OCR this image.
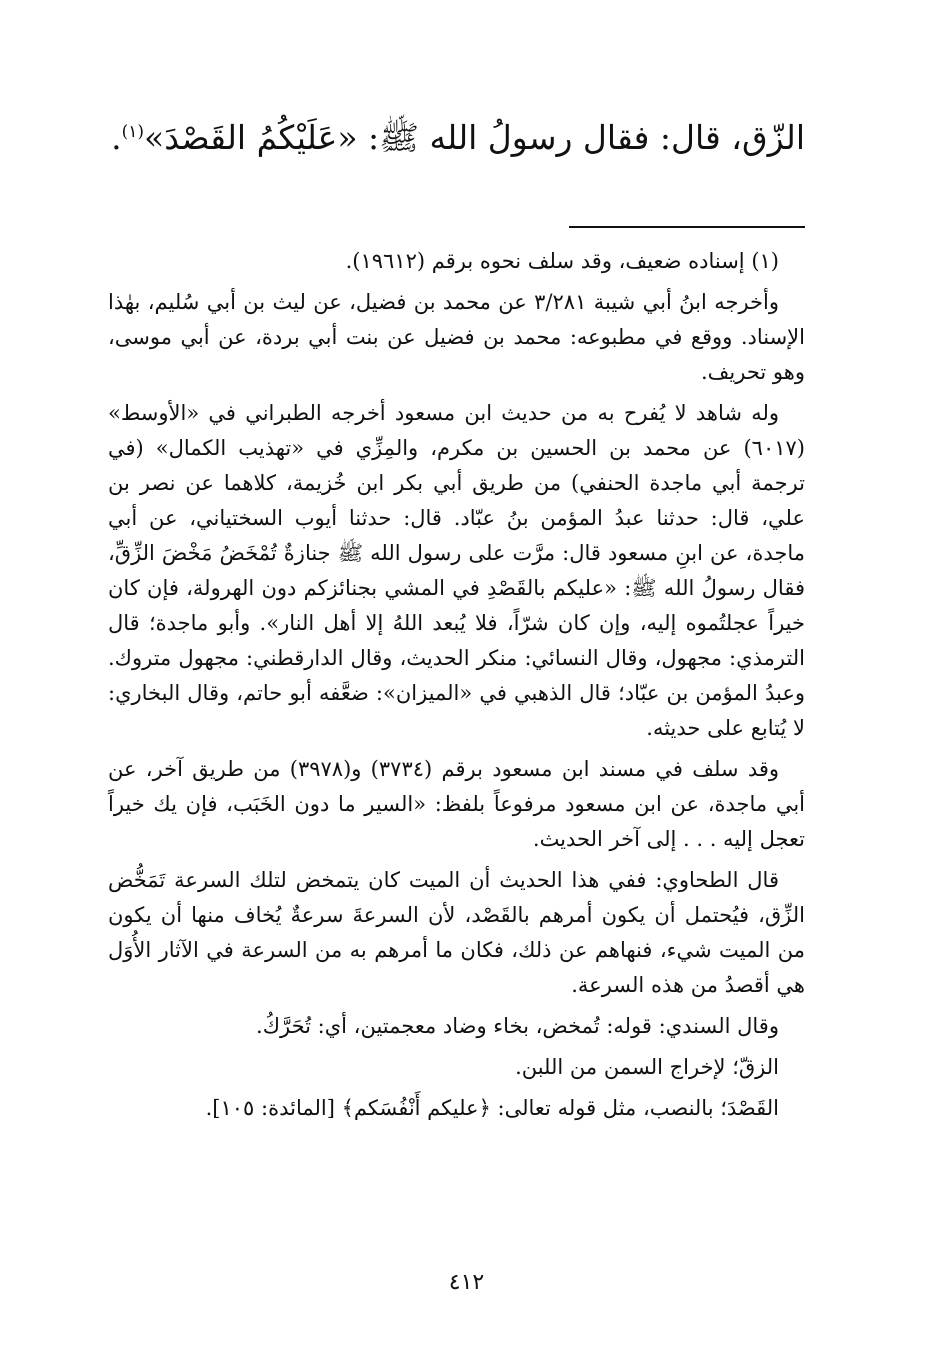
الزّق، قال: فقال رسولُ الله ﷺ: «عَلَيْكُمُ القَصْدَ»$^{(١)}$.

(١) إسناده ضعيف، وقد سلف نحوه برقم (١٩٦١٢).

وأخرجه ابنُ أبي شيبة ٣/٢٨١ عن محمد بن فضيل، عن ليث بن أبي سُليم، بهٰذا الإسناد. ووقع في مطبوعه: محمد بن فضيل عن بنت أبي بردة، عن أبي موسى، وهو تحريف.

وله شاهد لا يُفرح به من حديث ابن مسعود أخرجه الطبراني في «الأوسط» (٦٠١٧) عن محمد بن الحسين بن مكرم، والمِزِّي في «تهذيب الكمال» (في ترجمة أبي ماجدة الحنفي) من طريق أبي بكر ابن خُزيمة، كلاهما عن نصر بن علي، قال: حدثنا عبدُ المؤمن بنُ عبّاد. قال: حدثنا أيوب السختياني، عن أبي ماجدة، عن ابنِ مسعود قال: مرَّت على رسول الله ﷺ جنازةٌ تُمْخَضُ مَخْضَ الزِّقِّ، فقال رسولُ الله ﷺ: «عليكم بالقَصْدِ في المشي بجنائزكم دون الهرولة، فإن كان خيراً عجلتُموه إليه، وإن كان شرّاً، فلا يُبعد اللهُ إلا أهل النار». وأبو ماجدة؛ قال الترمذي: مجهول، وقال النسائي: منكر الحديث، وقال الدارقطني: مجهول متروك. وعبدُ المؤمن بن عبّاد؛ قال الذهبي في «الميزان»: ضعَّفه أبو حاتم، وقال البخاري: لا يُتابع على حديثه.

وقد سلف في مسند ابن مسعود برقم (٣٧٣٤) و(٣٩٧٨) من طريق آخر، عن أبي ماجدة، عن ابن مسعود مرفوعاً بلفظ: «السير ما دون الخَبَب، فإن يك خيراً تعجل إليه . . . إلى آخر الحديث.

قال الطحاوي: ففي هذا الحديث أن الميت كان يتمخض لتلك السرعة تَمَخُّض الزِّق، فيُحتمل أن يكون أمرهم بالقَصْد، لأن السرعةَ سرعةٌ يُخاف منها أن يكون من الميت شيء، فنهاهم عن ذلك، فكان ما أمرهم به من السرعة في الآثار الأُوَل هي أقصدُ من هذه السرعة.

وقال السندي: قوله: تُمخض، بخاء وضاد معجمتين، أي: تُحَرَّكُ.

الزقّ؛ لإخراج السمن من اللبن.

القَصْدَ؛ بالنصب، مثل قوله تعالى: ﴿عليكم أَنْفُسَكم﴾ [المائدة: ١٠٥].

٤١٢
